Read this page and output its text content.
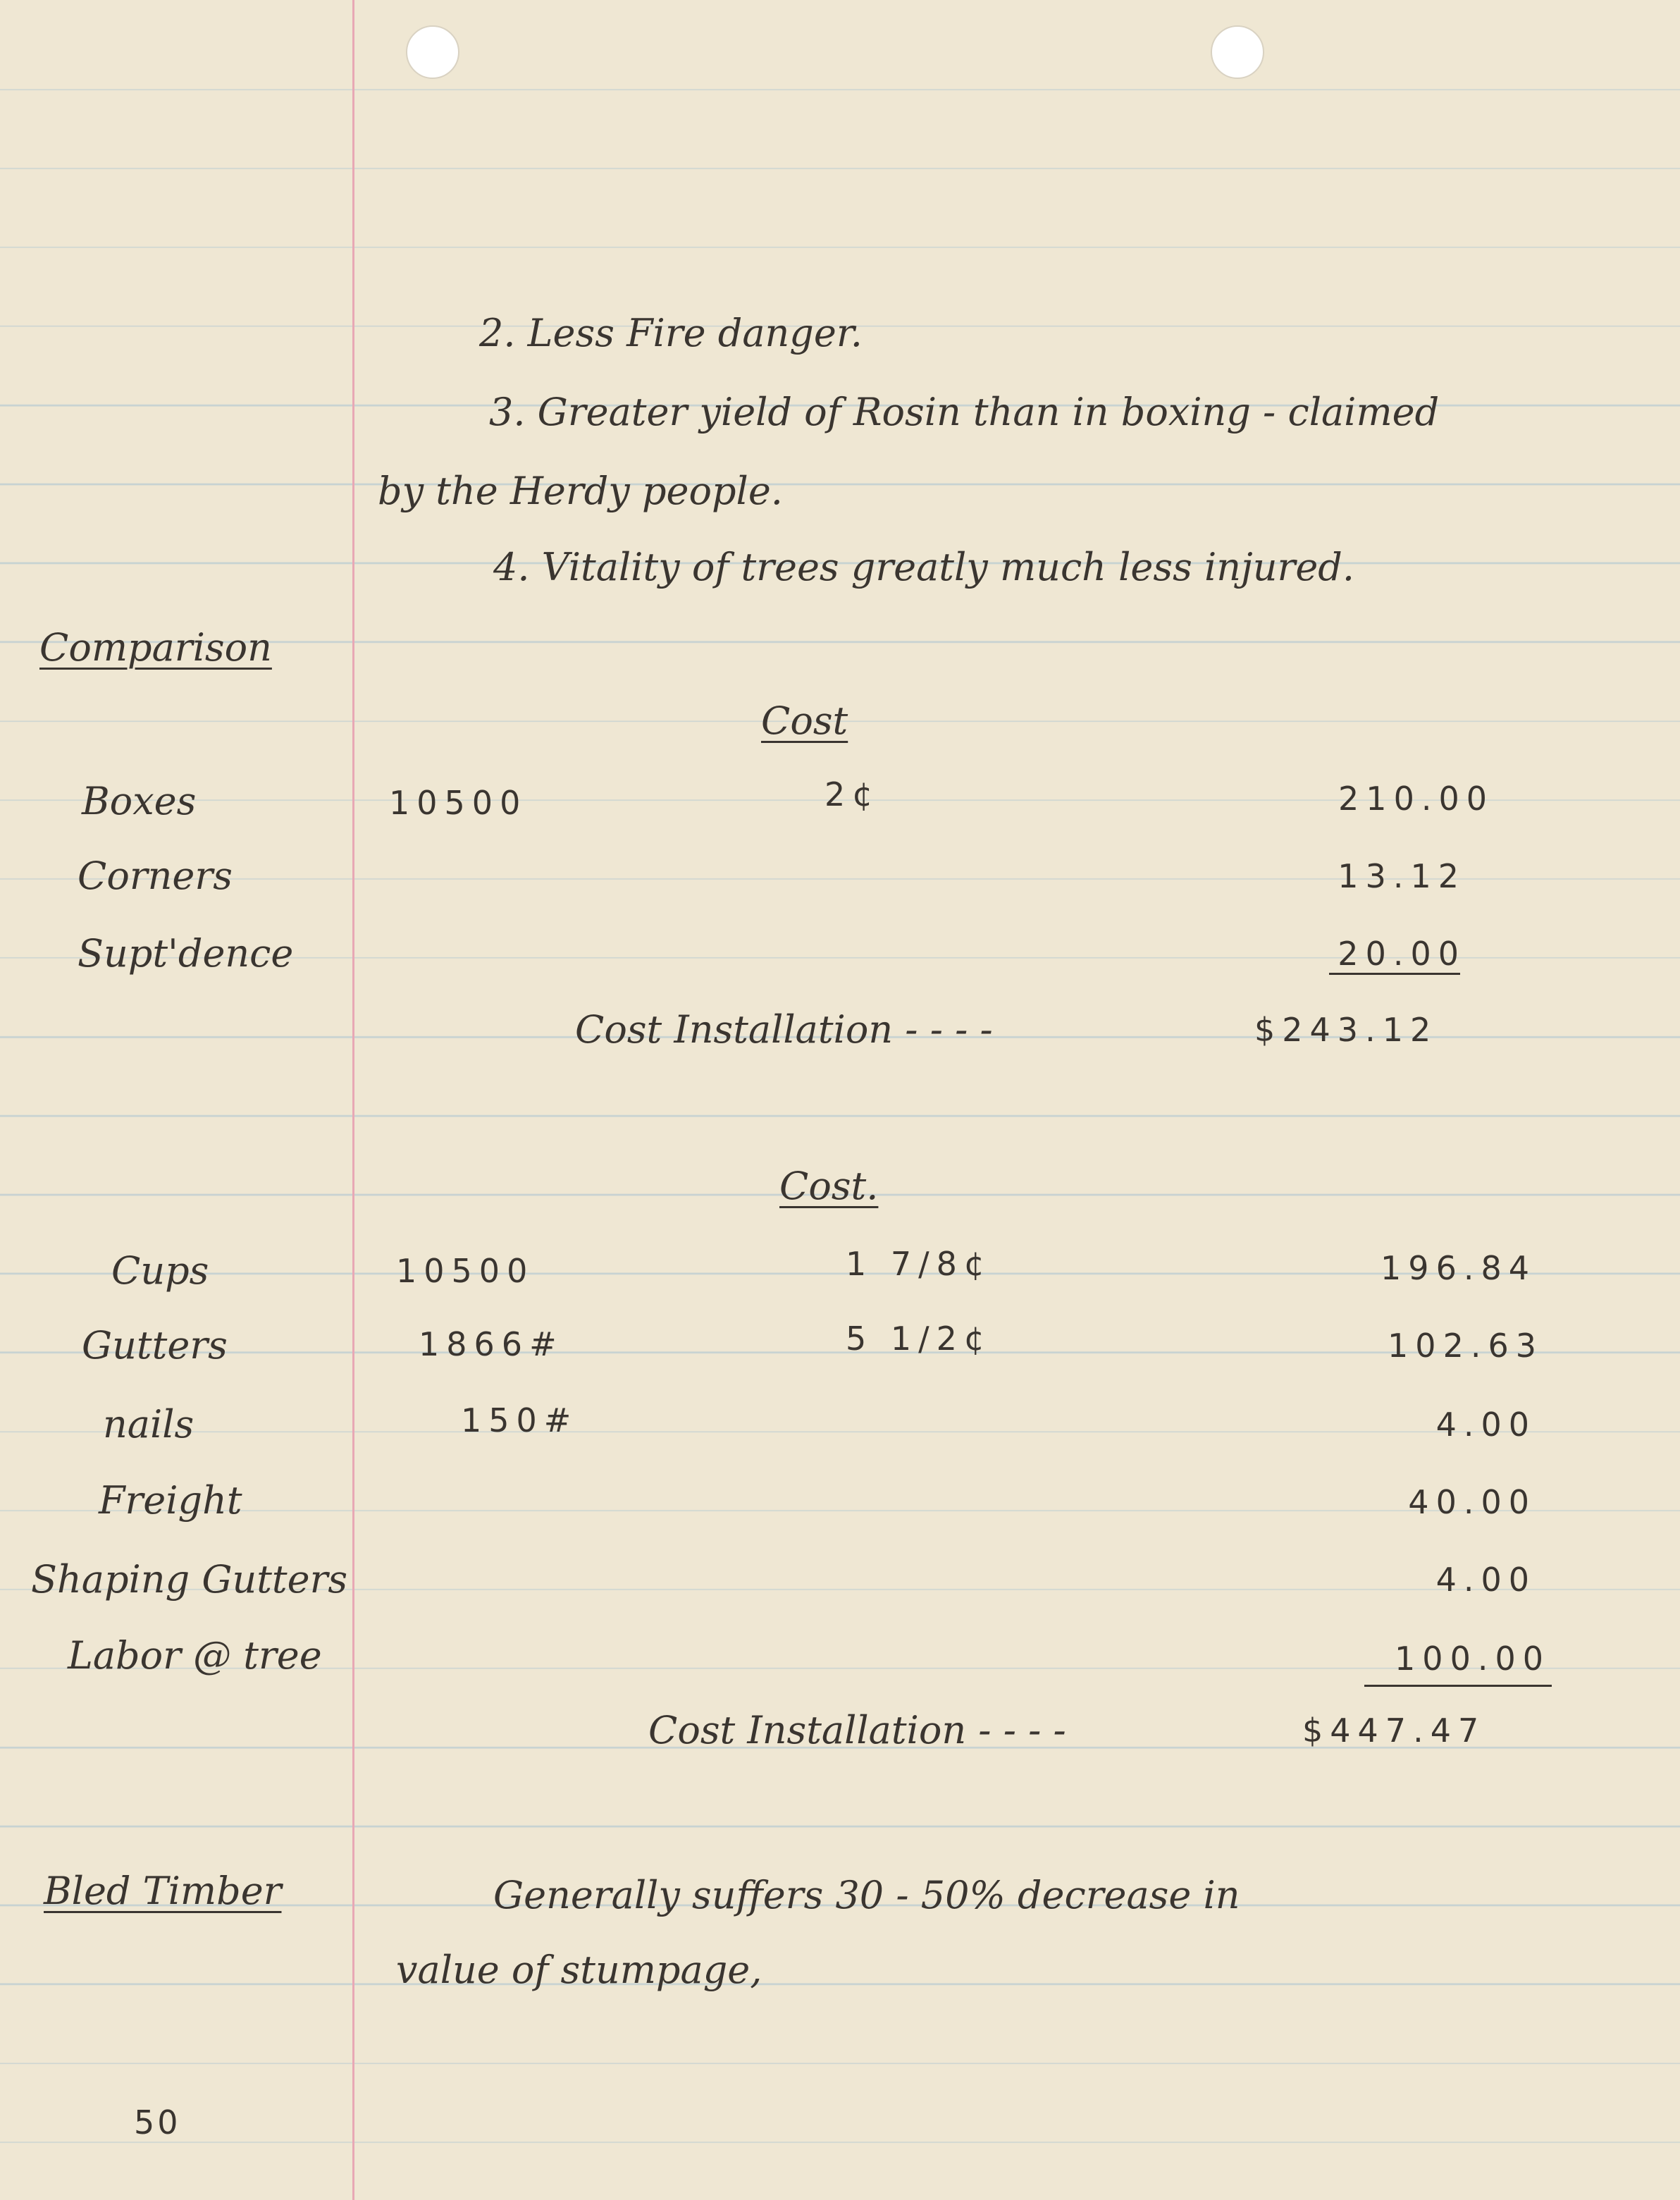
2. Less Fire danger.
3. Greater yield of Rosin than in boxing - claimed
by the Herdy people.
4. Vitality of trees greatly much less injured.
Comparison
Cost
Boxes	10500	2¢	210.00
Corners	13.12
Supt'dence	20.00
Cost Installation - - - -	$243.12
Cost.
Cups	10500	1 7/8¢	196.84
Gutters	1866#	5 1/2¢	102.63
nails	150#	4.00
Freight	40.00
Shaping Gutters	4.00
Labor @ tree	100.00
Cost Installation - - - -	$447.47
Bled Timber	Generally suffers 30 - 50% decrease in
value of stumpage,
50
